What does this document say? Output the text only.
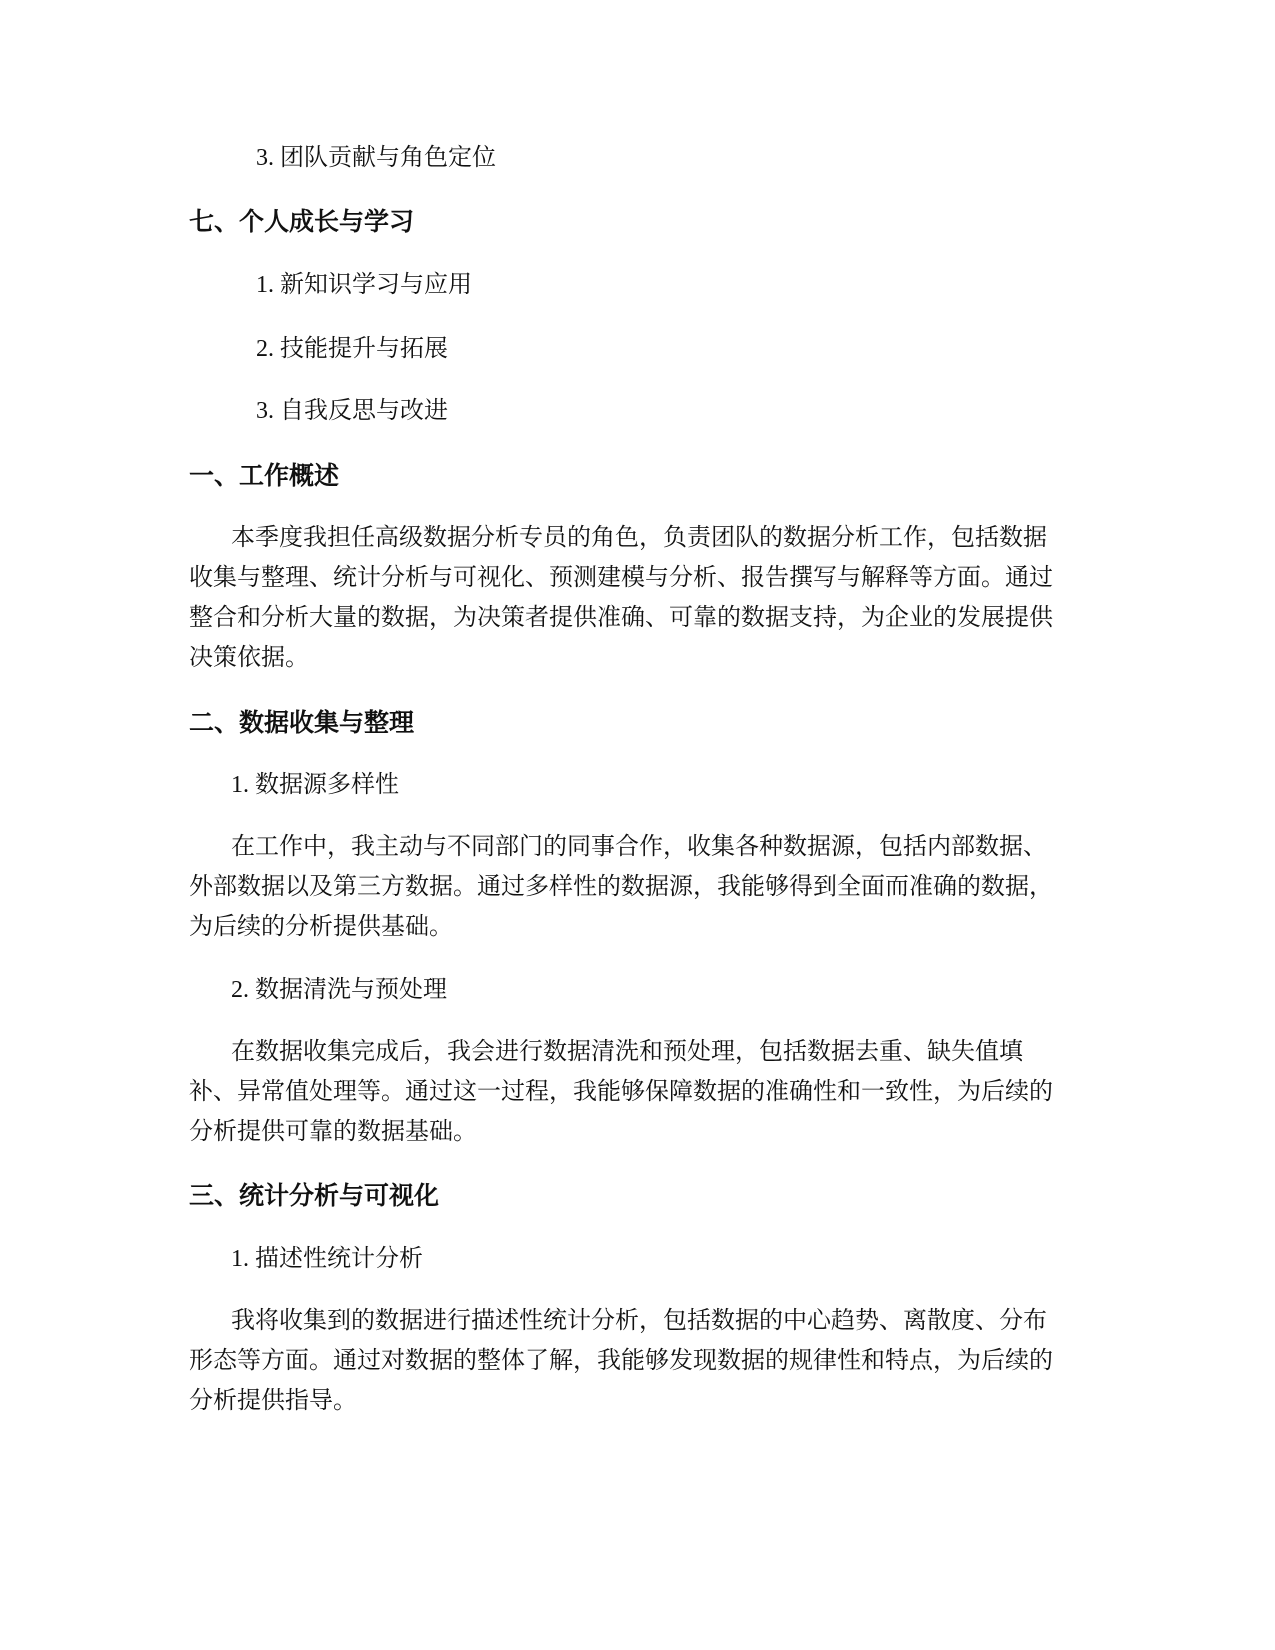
3. 团队贡献与角色定位
七、个人成长与学习
1. 新知识学习与应用
2. 技能提升与拓展
3. 自我反思与改进
一、工作概述
本季度我担任高级数据分析专员的角色，负责团队的数据分析工作，包括数据
收集与整理、统计分析与可视化、预测建模与分析、报告撰写与解释等方面。通过
整合和分析大量的数据，为决策者提供准确、可靠的数据支持，为企业的发展提供
决策依据。
二、数据收集与整理
1. 数据源多样性
在工作中，我主动与不同部门的同事合作，收集各种数据源，包括内部数据、
外部数据以及第三方数据。通过多样性的数据源，我能够得到全面而准确的数据，
为后续的分析提供基础。
2. 数据清洗与预处理
在数据收集完成后，我会进行数据清洗和预处理，包括数据去重、缺失值填
补、异常值处理等。通过这一过程，我能够保障数据的准确性和一致性，为后续的
分析提供可靠的数据基础。
三、统计分析与可视化
1. 描述性统计分析
我将收集到的数据进行描述性统计分析，包括数据的中心趋势、离散度、分布
形态等方面。通过对数据的整体了解，我能够发现数据的规律性和特点，为后续的
分析提供指导。
